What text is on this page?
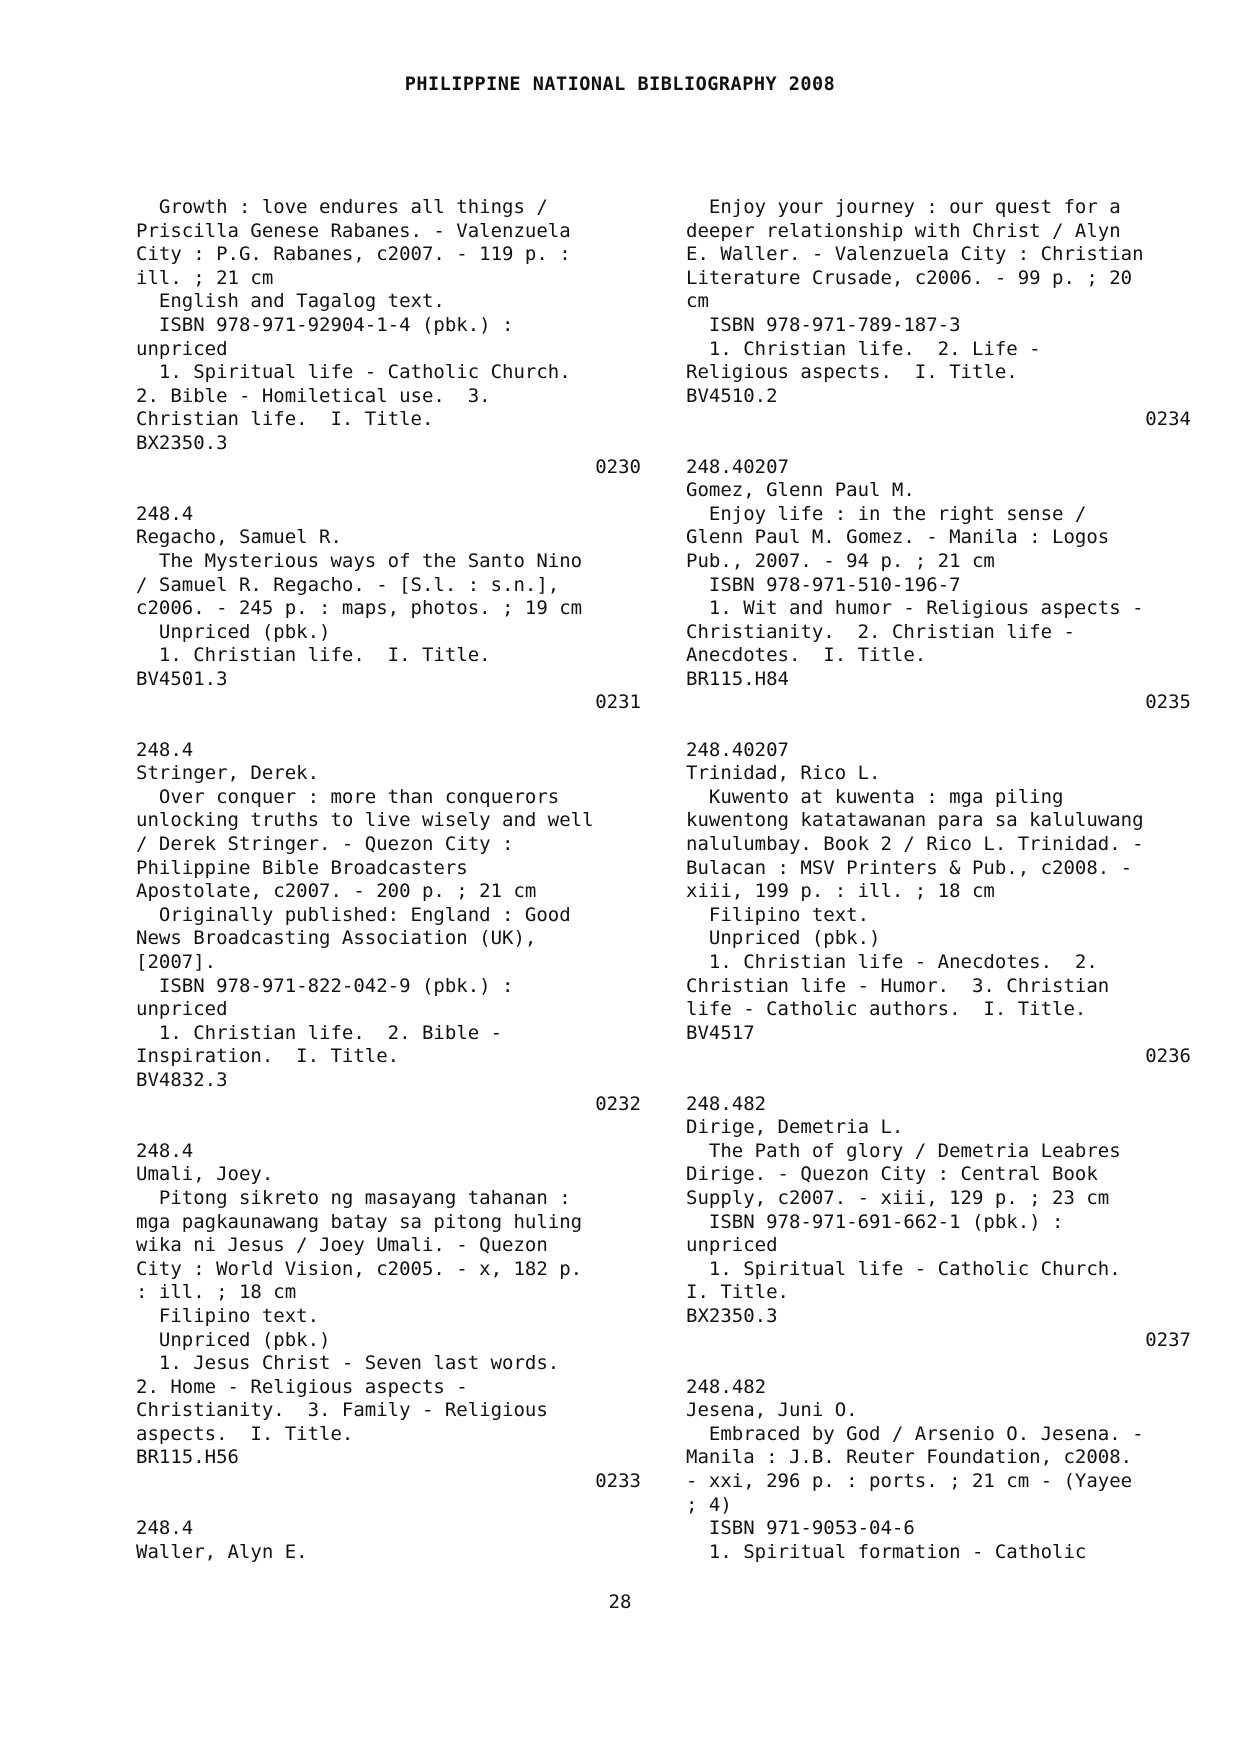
PHILIPPINE NATIONAL BIBLIOGRAPHY 2008
Growth : love endures all things /
Priscilla Genese Rabanes. - Valenzuela
City : P.G. Rabanes, c2007. - 119 p. :
ill. ; 21 cm
English and Tagalog text.
ISBN 978-971-92904-1-4 (pbk.) :
unpriced
1. Spiritual life - Catholic Church.
2. Bible - Homiletical use.  3.
Christian life.  I. Title.
BX2350.3
0230
248.4
Regacho, Samuel R.
The Mysterious ways of the Santo Nino
/ Samuel R. Regacho. - [S.l. : s.n.],
c2006. - 245 p. : maps, photos. ; 19 cm
Unpriced (pbk.)
1. Christian life.  I. Title.
BV4501.3
0231
248.4
Stringer, Derek.
Over conquer : more than conquerors
unlocking truths to live wisely and well
/ Derek Stringer. - Quezon City :
Philippine Bible Broadcasters
Apostolate, c2007. - 200 p. ; 21 cm
Originally published: England : Good
News Broadcasting Association (UK),
[2007].
ISBN 978-971-822-042-9 (pbk.) :
unpriced
1. Christian life.  2. Bible -
Inspiration.  I. Title.
BV4832.3
0232
248.4
Umali, Joey.
Pitong sikreto ng masayang tahanan :
mga pagkaunawang batay sa pitong huling
wika ni Jesus / Joey Umali. - Quezon
City : World Vision, c2005. - x, 182 p.
: ill. ; 18 cm
Filipino text.
Unpriced (pbk.)
1. Jesus Christ - Seven last words.
2. Home - Religious aspects -
Christianity.  3. Family - Religious
aspects.  I. Title.
BR115.H56
0233
248.4
Waller, Alyn E.
Enjoy your journey : our quest for a
deeper relationship with Christ / Alyn
E. Waller. - Valenzuela City : Christian
Literature Crusade, c2006. - 99 p. ; 20
cm
ISBN 978-971-789-187-3
1. Christian life.  2. Life -
Religious aspects.  I. Title.
BV4510.2
0234
248.40207
Gomez, Glenn Paul M.
Enjoy life : in the right sense /
Glenn Paul M. Gomez. - Manila : Logos
Pub., 2007. - 94 p. ; 21 cm
ISBN 978-971-510-196-7
1. Wit and humor - Religious aspects -
Christianity.  2. Christian life -
Anecdotes.  I. Title.
BR115.H84
0235
248.40207
Trinidad, Rico L.
Kuwento at kuwenta : mga piling
kuwentong katatawanan para sa kaluluwang
nalulumbay. Book 2 / Rico L. Trinidad. -
Bulacan : MSV Printers & Pub., c2008. -
xiii, 199 p. : ill. ; 18 cm
Filipino text.
Unpriced (pbk.)
1. Christian life - Anecdotes.  2.
Christian life - Humor.  3. Christian
life - Catholic authors.  I. Title.
BV4517
0236
248.482
Dirige, Demetria L.
The Path of glory / Demetria Leabres
Dirige. - Quezon City : Central Book
Supply, c2007. - xiii, 129 p. ; 23 cm
ISBN 978-971-691-662-1 (pbk.) :
unpriced
1. Spiritual life - Catholic Church.
I. Title.
BX2350.3
0237
248.482
Jesena, Juni O.
Embraced by God / Arsenio O. Jesena. -
Manila : J.B. Reuter Foundation, c2008.
- xxi, 296 p. : ports. ; 21 cm - (Yayee
; 4)
ISBN 971-9053-04-6
1. Spiritual formation - Catholic
28
